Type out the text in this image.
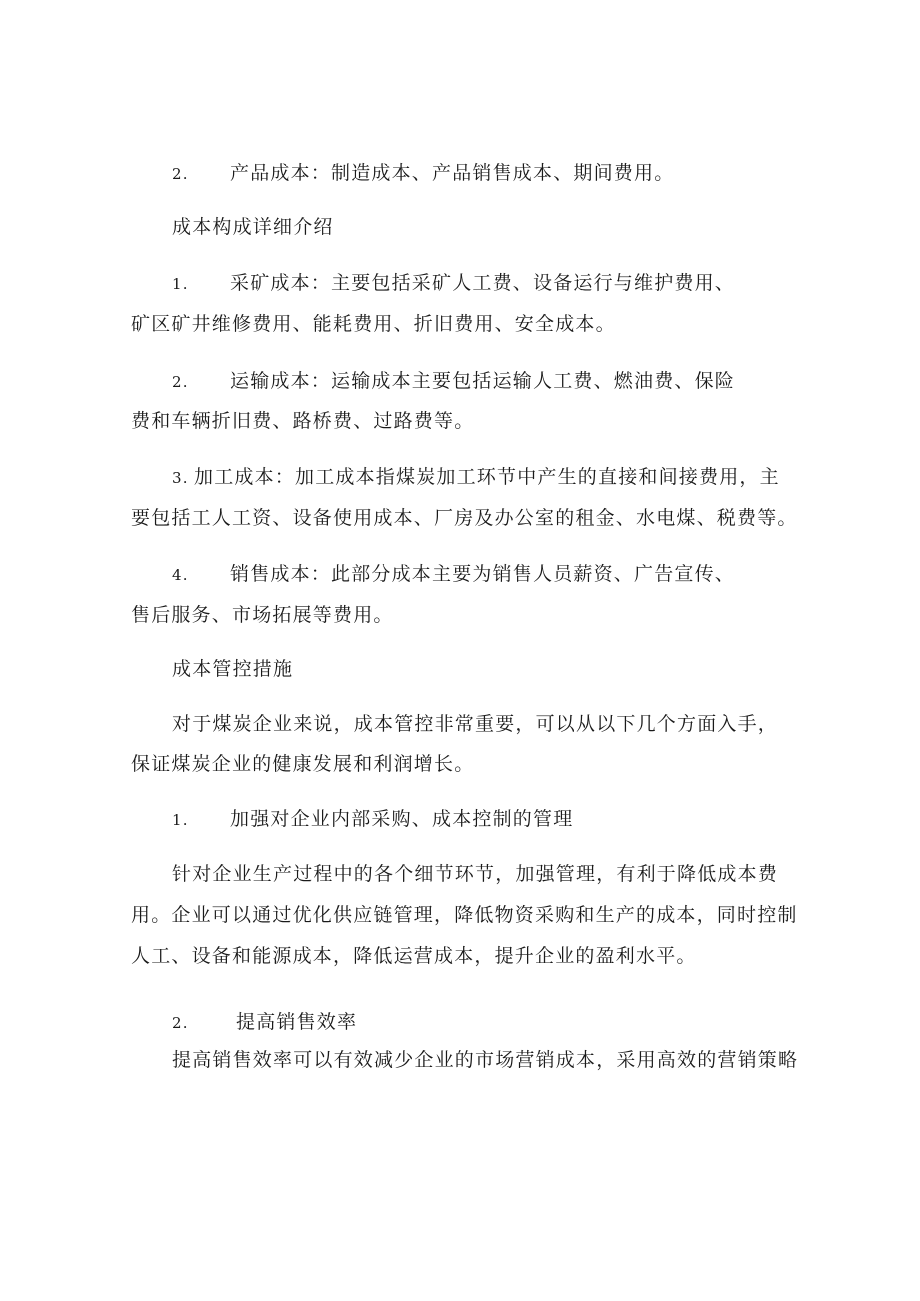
2. 产品成本：制造成本、产品销售成本、期间费用。
成本构成详细介绍
1. 采矿成本：主要包括采矿人工费、设备运行与维护费用、
矿区矿井维修费用、能耗费用、折旧费用、安全成本。
2. 运输成本：运输成本主要包括运输人工费、燃油费、保险
费和车辆折旧费、路桥费、过路费等。
3. 加工成本：加工成本指煤炭加工环节中产生的直接和间接费用，主
要包括工人工资、设备使用成本、厂房及办公室的租金、水电煤、税费等。
4. 销售成本：此部分成本主要为销售人员薪资、广告宣传、
售后服务、市场拓展等费用。
成本管控措施
对于煤炭企业来说，成本管控非常重要，可以从以下几个方面入手，
保证煤炭企业的健康发展和利润增长。
1. 加强对企业内部采购、成本控制的管理
针对企业生产过程中的各个细节环节，加强管理，有利于降低成本费
用。企业可以通过优化供应链管理，降低物资采购和生产的成本，同时控制
人工、设备和能源成本，降低运营成本，提升企业的盈利水平。
2. 提高销售效率
提高销售效率可以有效减少企业的市场营销成本，采用高效的营销策略
